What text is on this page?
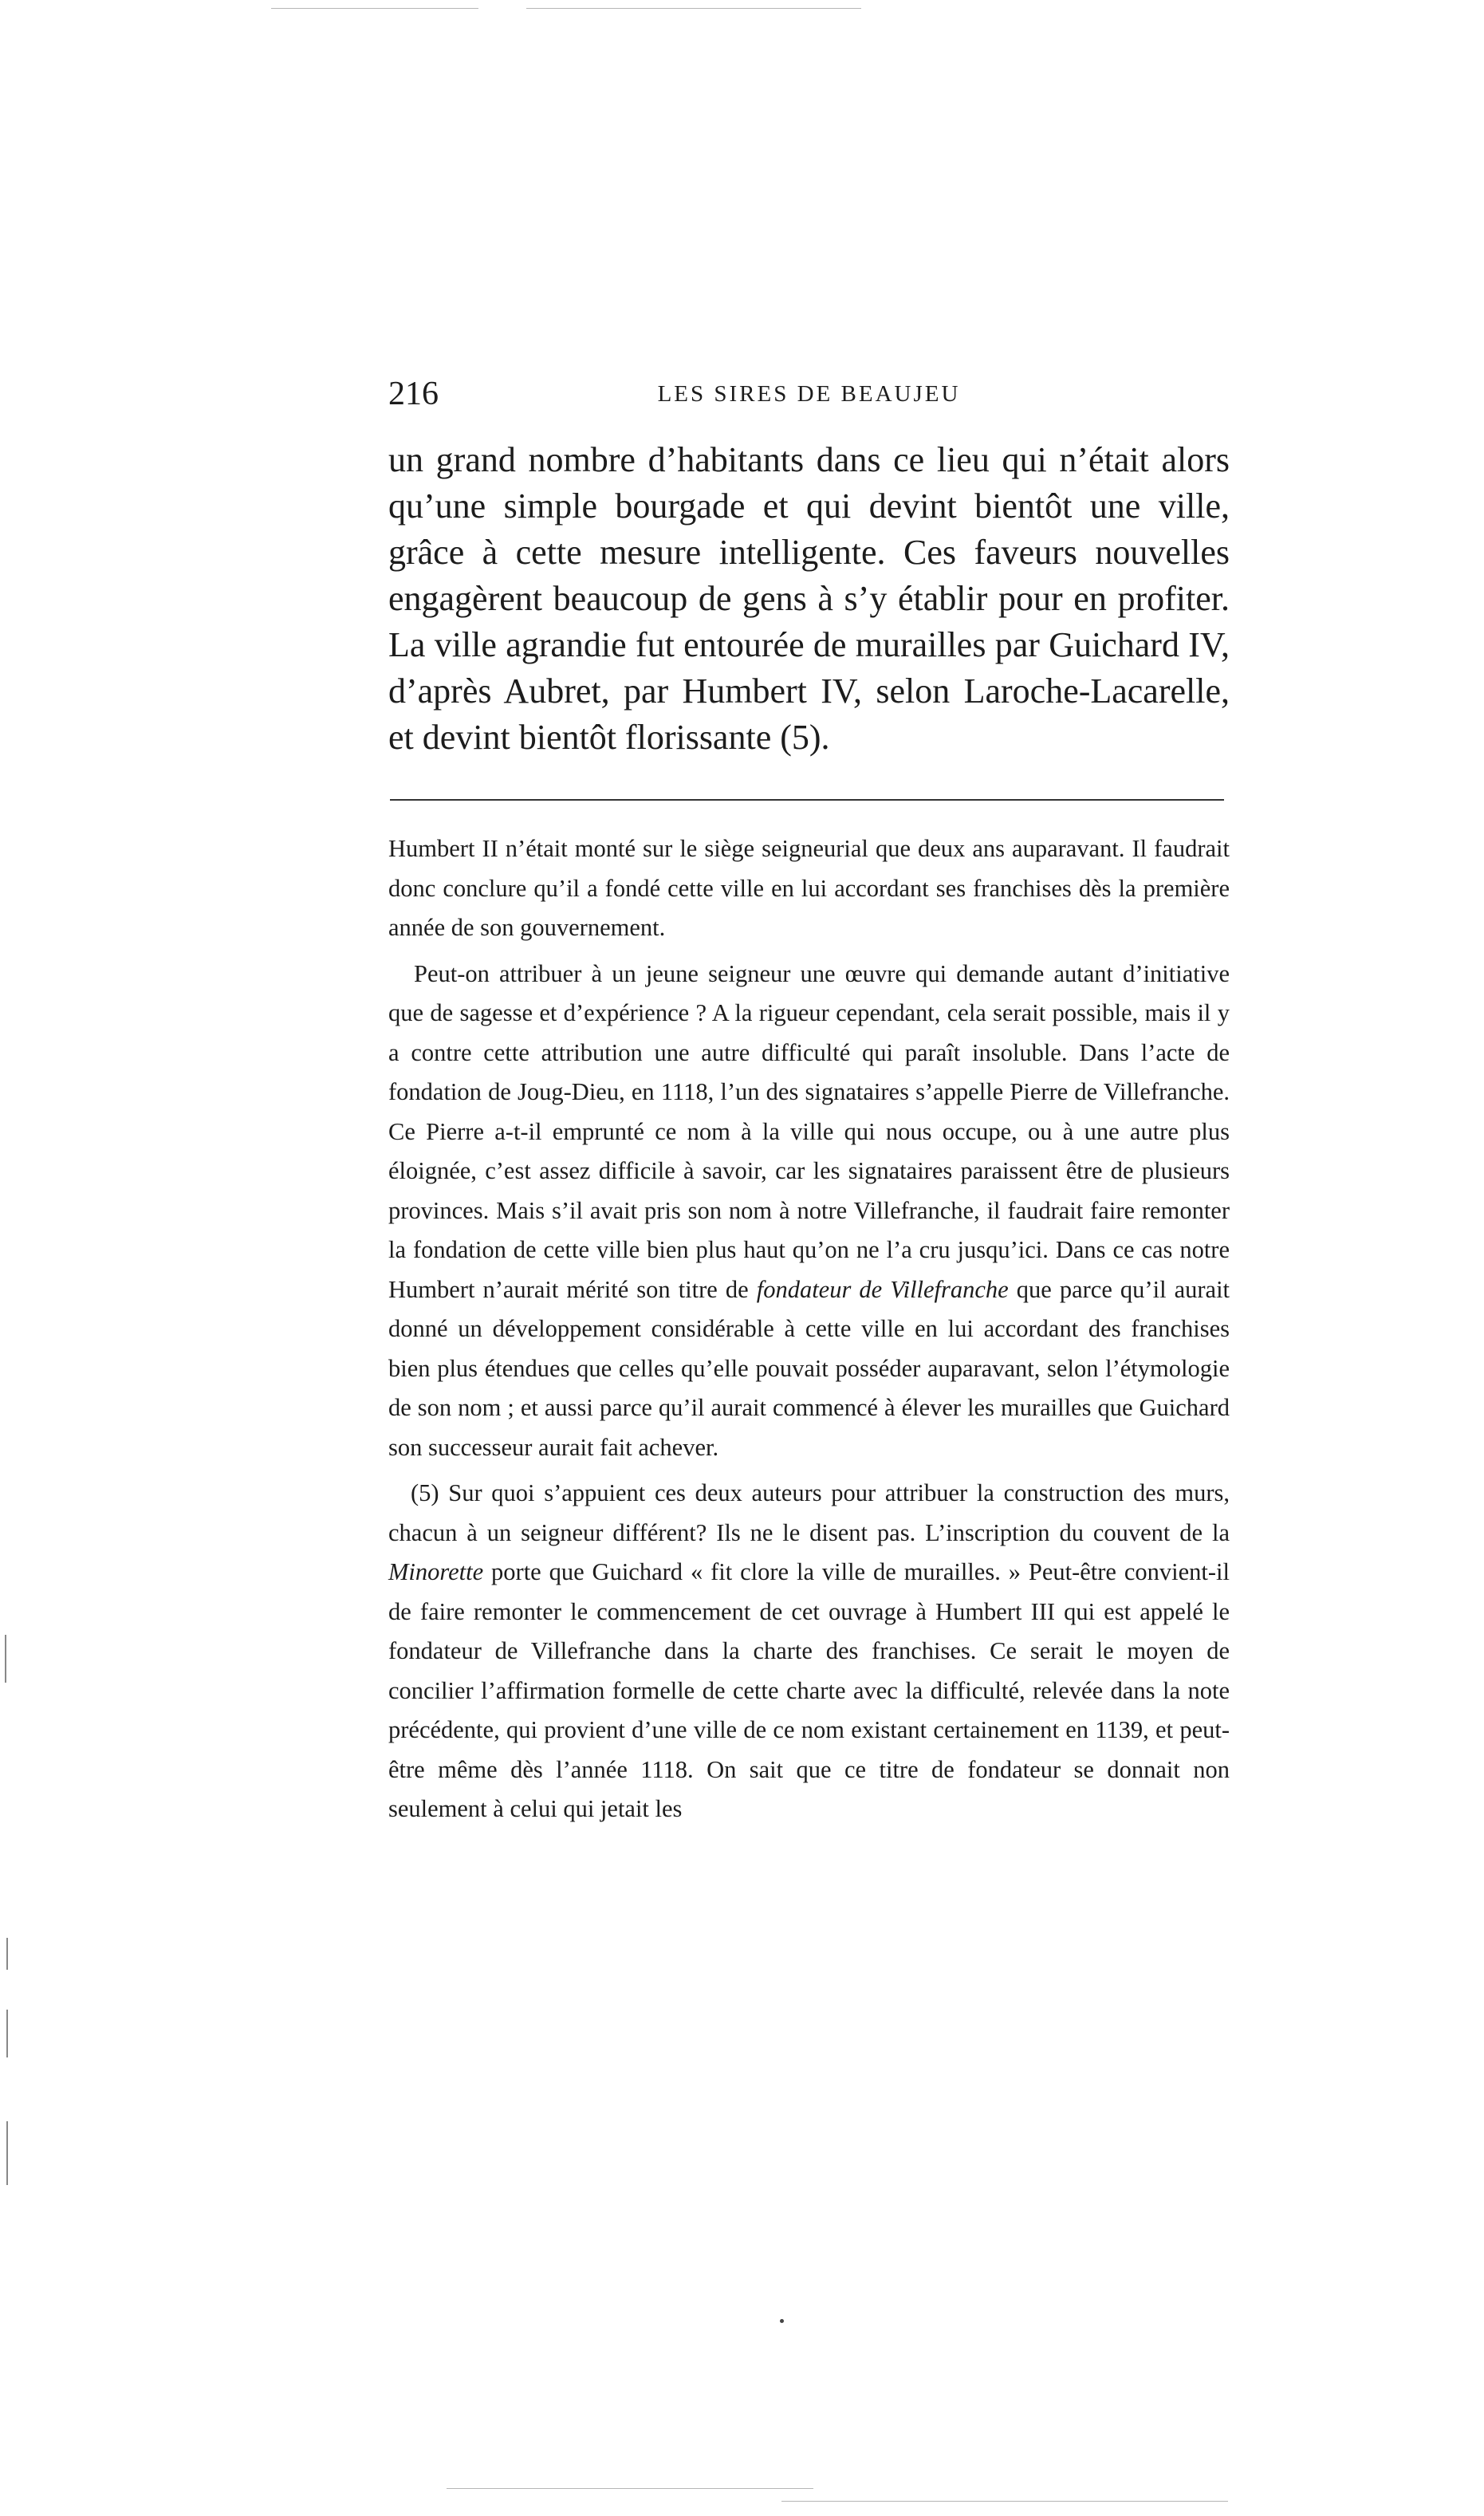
216	LES SIRES DE BEAUJEU

un grand nombre d’habitants dans ce lieu qui n’était alors qu’une simple bourgade et qui devint bientôt une ville, grâce à cette mesure intelligente. Ces faveurs nouvelles engagèrent beaucoup de gens à s’y établir pour en profiter. La ville agrandie fut entourée de murailles par Guichard IV, d’après Aubret, par Humbert IV, selon Laroche-Lacarelle, et devint bientôt florissante (5).

Humbert II n’était monté sur le siège seigneurial que deux ans auparavant. Il faudrait donc conclure qu’il a fondé cette ville en lui accordant ses franchises dès la première année de son gouvernement.

Peut-on attribuer à un jeune seigneur une œuvre qui demande autant d’initiative que de sagesse et d’expérience ? A la rigueur cependant, cela serait possible, mais il y a contre cette attribution une autre difficulté qui paraît insoluble. Dans l’acte de fondation de Joug-Dieu, en 1118, l’un des signataires s’appelle Pierre de Villefranche. Ce Pierre a-t-il emprunté ce nom à la ville qui nous occupe, ou à une autre plus éloignée, c’est assez difficile à savoir, car les signataires paraissent être de plusieurs provinces. Mais s’il avait pris son nom à notre Villefranche, il faudrait faire remonter la fondation de cette ville bien plus haut qu’on ne l’a cru jusqu’ici. Dans ce cas notre Humbert n’aurait mérité son titre de fondateur de Villefranche que parce qu’il aurait donné un développement considérable à cette ville en lui accordant des franchises bien plus étendues que celles qu’elle pouvait posséder auparavant, selon l’étymologie de son nom ; et aussi parce qu’il aurait commencé à élever les murailles que Guichard son successeur aurait fait achever.

(5) Sur quoi s’appuient ces deux auteurs pour attribuer la construction des murs, chacun à un seigneur différent? Ils ne le disent pas. L’inscription du couvent de la Minorette porte que Guichard « fit clore la ville de murailles. » Peut-être convient-il de faire remonter le commencement de cet ouvrage à Humbert III qui est appelé le fondateur de Villefranche dans la charte des franchises. Ce serait le moyen de concilier l’affirmation formelle de cette charte avec la difficulté, relevée dans la note précédente, qui provient d’une ville de ce nom existant certainement en 1139, et peut-être même dès l’année 1118. On sait que ce titre de fondateur se donnait non seulement à celui qui jetait les
